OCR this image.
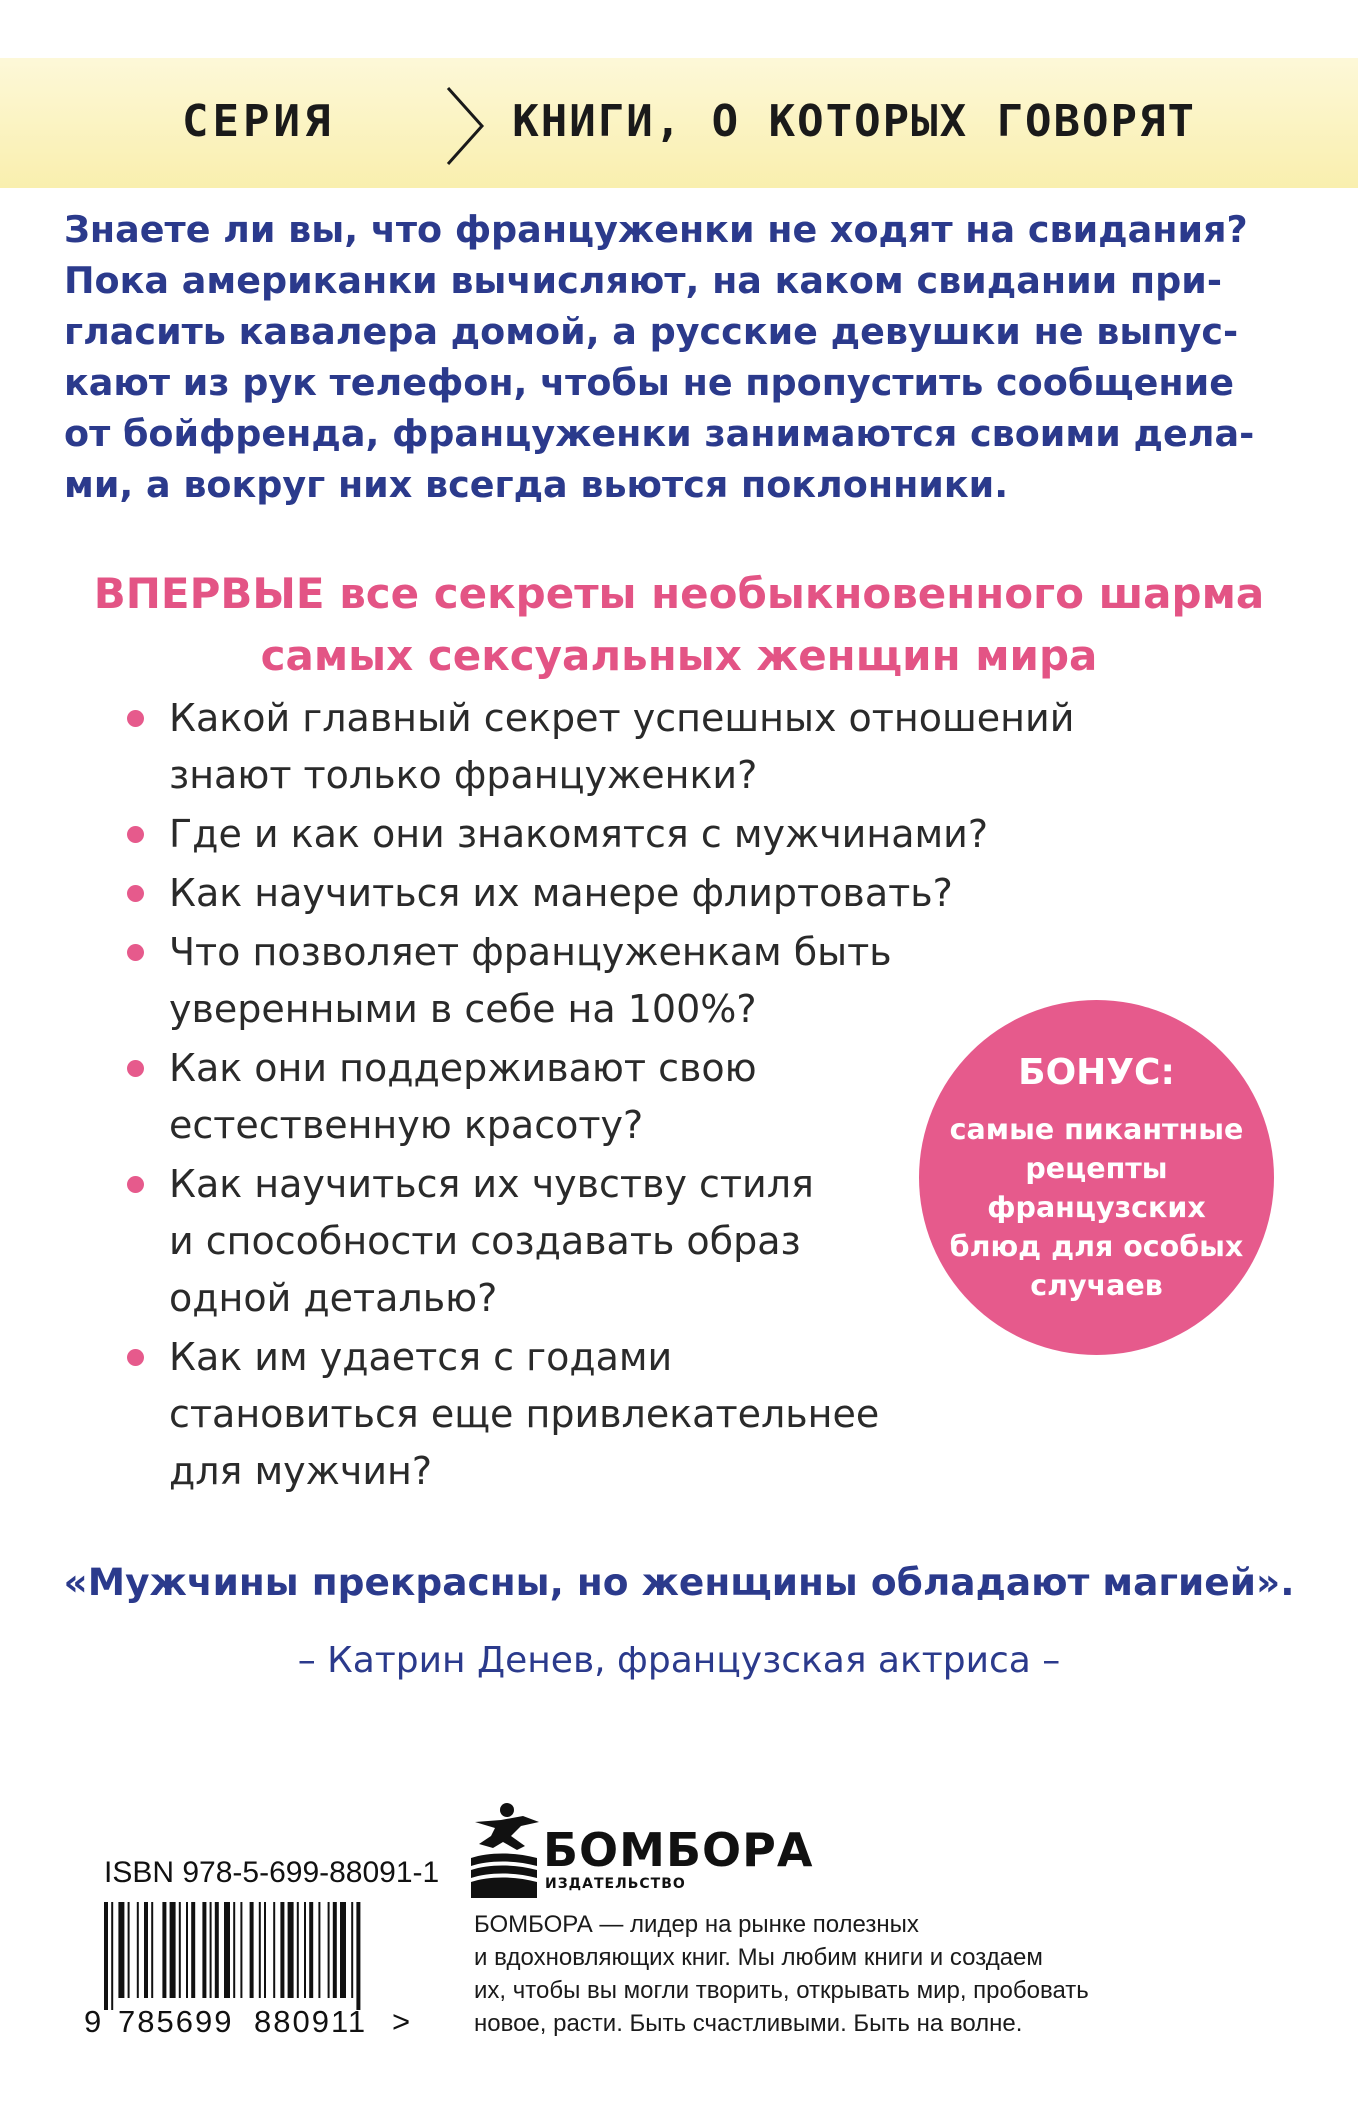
СЕРИЯ	КНИГИ, О КОТОРЫХ ГОВОРЯТ
Знаете ли вы, что француженки не ходят на свидания?
Пока американки вычисляют, на каком свидании при-
гласить кавалера домой, а русские девушки не выпус-
кают из рук телефон, чтобы не пропустить сообщение
от бойфренда, француженки занимаются своими дела-
ми, а вокруг них всегда вьются поклонники.
ВПЕРВЫЕ все секреты необыкновенного шарма
самых сексуальных женщин мира
Какой главный секрет успешных отношений
знают только француженки?
Где и как они знакомятся с мужчинами?
Как научиться их манере флиртовать?
Что позволяет француженкам быть
уверенными в себе на 100%?
Как они поддерживают свою
естественную красоту?
Как научиться их чувству стиля
и способности создавать образ
одной деталью?
Как им удается с годами
становиться еще привлекательнее
для мужчин?
БОНУС:
самые пикантные
рецепты
французских
блюд для особых
случаев
«Мужчины прекрасны, но женщины обладают магией».
– Катрин Денев, французская актриса –
ISBN 978-5-699-88091-1
9 785699 880911 >
БОМБОРА
ИЗДАТЕЛЬСТВО
БОМБОРА — лидер на рынке полезных
и вдохновляющих книг. Мы любим книги и создаем
их, чтобы вы могли творить, открывать мир, пробовать
новое, расти. Быть счастливыми. Быть на волне.
